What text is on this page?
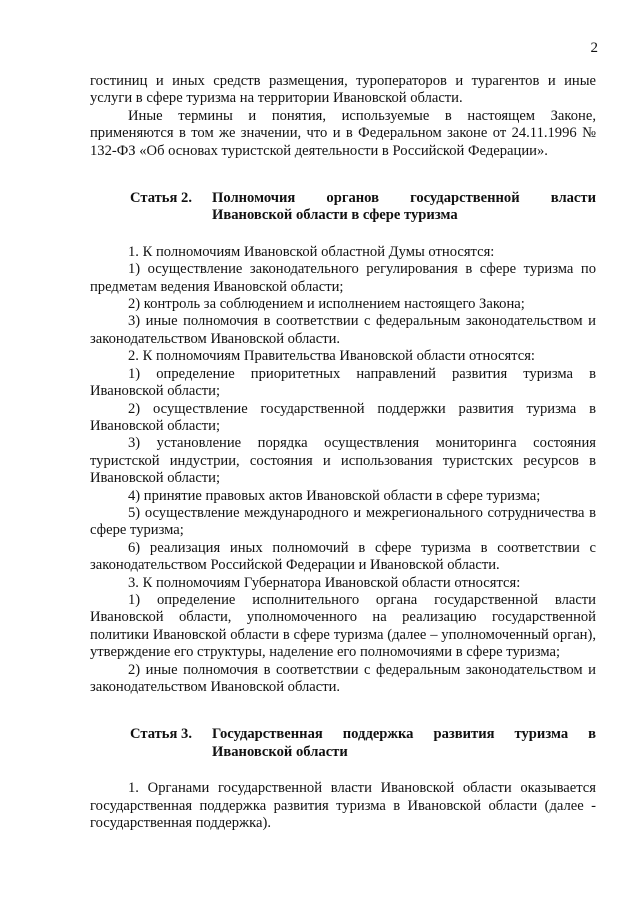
2

гостиниц и иных средств размещения, туроператоров и турагентов и иные услуги в сфере туризма на территории Ивановской области.

Иные термины и понятия, используемые в настоящем Законе, применяются в том же значении, что и в Федеральном законе от 24.11.1996 № 132-ФЗ «Об основах туристской деятельности в Российской Федерации».

Статья 2.	Полномочия органов государственной власти Ивановской области в сфере туризма

1. К полномочиям Ивановской областной Думы относятся:

1) осуществление законодательного регулирования в сфере туризма по предметам ведения Ивановской области;

2) контроль за соблюдением и исполнением настоящего Закона;

3) иные полномочия в соответствии с федеральным законодательством и законодательством Ивановской области.

2. К полномочиям Правительства Ивановской области относятся:

1) определение приоритетных направлений развития туризма в Ивановской области;

2) осуществление государственной поддержки развития туризма в Ивановской области;

3) установление порядка осуществления мониторинга состояния туристской индустрии, состояния и использования туристских ресурсов в Ивановской области;

4) принятие правовых актов Ивановской области в сфере туризма;

5) осуществление международного и межрегионального сотрудничества в сфере туризма;

6) реализация иных полномочий в сфере туризма в соответствии с законодательством Российской Федерации и Ивановской области.

3. К полномочиям Губернатора Ивановской области относятся:

1) определение исполнительного органа государственной власти Ивановской области, уполномоченного на реализацию государственной политики Ивановской области в сфере туризма (далее – уполномоченный орган), утверждение его структуры, наделение его полномочиями в сфере туризма;

2) иные полномочия в соответствии с федеральным законодательством и законодательством Ивановской области.

Статья 3.	Государственная поддержка развития туризма в Ивановской области

1. Органами государственной власти Ивановской области оказывается государственная поддержка развития туризма в Ивановской области (далее - государственная поддержка).
